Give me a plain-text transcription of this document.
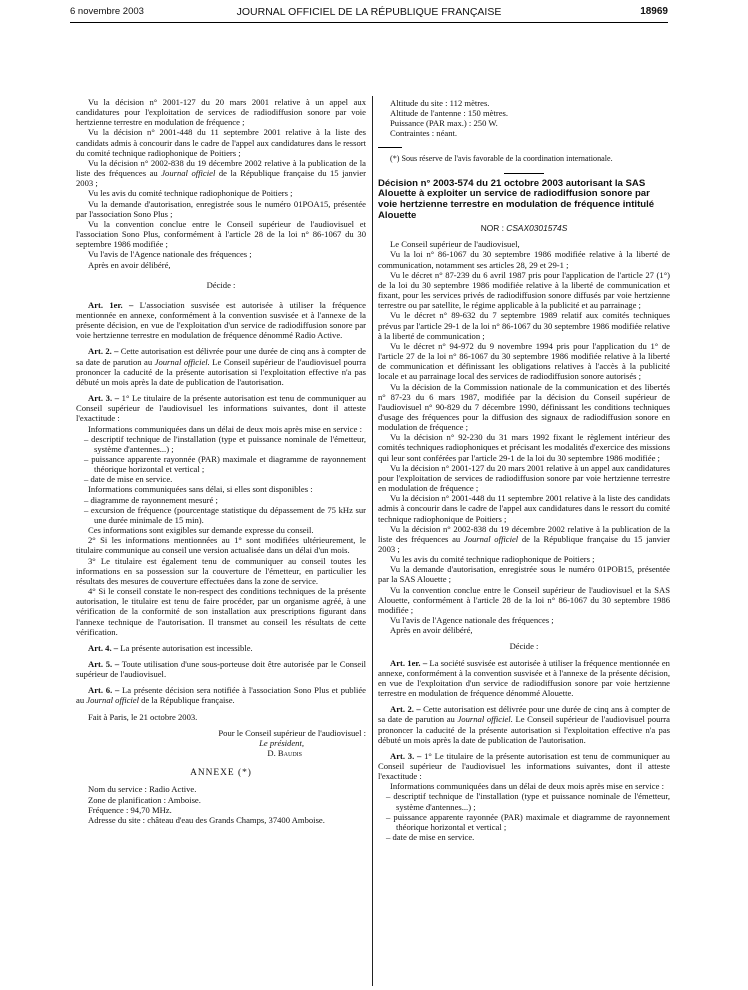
6 novembre 2003	JOURNAL OFFICIEL DE LA RÉPUBLIQUE FRANÇAISE	18969

Vu la décision n° 2001-127 du 20 mars 2001 relative à un appel aux candidatures pour l'exploitation de services de radiodiffusion sonore par voie hertzienne terrestre en modulation de fréquence ;

Vu la décision n° 2001-448 du 11 septembre 2001 relative à la liste des candidats admis à concourir dans le cadre de l'appel aux candidatures dans le ressort du comité technique radiophonique de Poitiers ;

Vu la décision n° 2002-838 du 19 décembre 2002 relative à la publication de la liste des fréquences au Journal officiel de la République française du 15 janvier 2003 ;

Vu les avis du comité technique radiophonique de Poitiers ;

Vu la demande d'autorisation, enregistrée sous le numéro 01POA15, présentée par l'association Sono Plus ;

Vu la convention conclue entre le Conseil supérieur de l'audiovisuel et l'association Sono Plus, conformément à l'article 28 de la loi n° 86-1067 du 30 septembre 1986 modifiée ;

Vu l'avis de l'Agence nationale des fréquences ;

Après en avoir délibéré,

Décide :

Art. 1er. – L'association susvisée est autorisée à utiliser la fréquence mentionnée en annexe, conformément à la convention susvisée et à l'annexe de la présente décision, en vue de l'exploitation d'un service de radiodiffusion sonore par voie hertzienne terrestre en modulation de fréquence dénommé Radio Active.

Art. 2. – Cette autorisation est délivrée pour une durée de cinq ans à compter de sa date de parution au Journal officiel. Le Conseil supérieur de l'audiovisuel pourra prononcer la caducité de la présente autorisation si l'exploitation effective n'a pas débuté un mois après la date de publication de l'autorisation.

Art. 3. – 1° Le titulaire de la présente autorisation est tenu de communiquer au Conseil supérieur de l'audiovisuel les informations suivantes, dont il atteste l'exactitude :

Informations communiquées dans un délai de deux mois après mise en service :

– descriptif technique de l'installation (type et puissance nominale de l'émetteur, système d'antennes...) ;

– puissance apparente rayonnée (PAR) maximale et diagramme de rayonnement théorique horizontal et vertical ;

– date de mise en service.

Informations communiquées sans délai, si elles sont disponibles :

– diagramme de rayonnement mesuré ;

– excursion de fréquence (pourcentage statistique du dépassement de 75 kHz sur une durée minimale de 15 min).

Ces informations sont exigibles sur demande expresse du conseil.

2° Si les informations mentionnées au 1° sont modifiées ultérieurement, le titulaire communique au conseil une version actualisée dans un délai d'un mois.

3° Le titulaire est également tenu de communiquer au conseil toutes les informations en sa possession sur la couverture de l'émetteur, en particulier les résultats des mesures de couverture effectuées dans la zone de service.

4° Si le conseil constate le non-respect des conditions techniques de la présente autorisation, le titulaire est tenu de faire procéder, par un organisme agréé, à une vérification de la conformité de son installation aux prescriptions figurant dans l'annexe technique de l'autorisation. Il transmet au conseil les résultats de cette vérification.

Art. 4. – La présente autorisation est incessible.

Art. 5. – Toute utilisation d'une sous-porteuse doit être autorisée par le Conseil supérieur de l'audiovisuel.

Art. 6. – La présente décision sera notifiée à l'association Sono Plus et publiée au Journal officiel de la République française.

Fait à Paris, le 21 octobre 2003.

Pour le Conseil supérieur de l'audiovisuel :

Le président,

D. Baudis

ANNEXE (*)

Nom du service : Radio Active.

Zone de planification : Amboise.

Fréquence : 94,70 MHz.

Adresse du site : château d'eau des Grands Champs, 37400 Amboise.

Altitude du site : 112 mètres.

Altitude de l'antenne : 150 mètres.

Puissance (PAR max.) : 250 W.

Contraintes : néant.

(*) Sous réserve de l'avis favorable de la coordination internationale.

Décision n° 2003-574 du 21 octobre 2003 autorisant la SAS Alouette à exploiter un service de radiodiffusion sonore par voie hertzienne terrestre en modulation de fréquence intitulé Alouette

NOR : CSAX0301574S

Le Conseil supérieur de l'audiovisuel,

Vu la loi n° 86-1067 du 30 septembre 1986 modifiée relative à la liberté de communication, notamment ses articles 28, 29 et 29-1 ;

Vu le décret n° 87-239 du 6 avril 1987 pris pour l'application de l'article 27 (1°) de la loi du 30 septembre 1986 modifiée relative à la liberté de communication et fixant, pour les services privés de radiodiffusion sonore diffusés par voie hertzienne terrestre ou par satellite, le régime applicable à la publicité et au parrainage ;

Vu le décret n° 89-632 du 7 septembre 1989 relatif aux comités techniques prévus par l'article 29-1 de la loi n° 86-1067 du 30 septembre 1986 modifiée relative à la liberté de communication ;

Vu le décret n° 94-972 du 9 novembre 1994 pris pour l'application du 1° de l'article 27 de la loi n° 86-1067 du 30 septembre 1986 modifiée relative à la liberté de communication et définissant les obligations relatives à l'accès à la publicité locale et au parrainage local des services de radiodiffusion sonore autorisés ;

Vu la décision de la Commission nationale de la communication et des libertés n° 87-23 du 6 mars 1987, modifiée par la décision du Conseil supérieur de l'audiovisuel n° 90-829 du 7 décembre 1990, définissant les conditions techniques d'usage des fréquences pour la diffusion des signaux de radiodiffusion sonore en modulation de fréquence ;

Vu la décision n° 92-230 du 31 mars 1992 fixant le règlement intérieur des comités techniques radiophoniques et précisant les modalités d'exercice des missions qui leur sont conférées par l'article 29-1 de la loi du 30 septembre 1986 modifiée ;

Vu la décision n° 2001-127 du 20 mars 2001 relative à un appel aux candidatures pour l'exploitation de services de radiodiffusion sonore par voie hertzienne terrestre en modulation de fréquence ;

Vu la décision n° 2001-448 du 11 septembre 2001 relative à la liste des candidats admis à concourir dans le cadre de l'appel aux candidatures dans le ressort du comité technique radiophonique de Poitiers ;

Vu la décision n° 2002-838 du 19 décembre 2002 relative à la publication de la liste des fréquences au Journal officiel de la République française du 15 janvier 2003 ;

Vu les avis du comité technique radiophonique de Poitiers ;

Vu la demande d'autorisation, enregistrée sous le numéro 01POB15, présentée par la SAS Alouette ;

Vu la convention conclue entre le Conseil supérieur de l'audiovisuel et la SAS Alouette, conformément à l'article 28 de la loi n° 86-1067 du 30 septembre 1986 modifiée ;

Vu l'avis de l'Agence nationale des fréquences ;

Après en avoir délibéré,

Décide :

Art. 1er. – La société susvisée est autorisée à utiliser la fréquence mentionnée en annexe, conformément à la convention susvisée et à l'annexe de la présente décision, en vue de l'exploitation d'un service de radiodiffusion sonore par voie hertzienne terrestre en modulation de fréquence dénommé Alouette.

Art. 2. – Cette autorisation est délivrée pour une durée de cinq ans à compter de sa date de parution au Journal officiel. Le Conseil supérieur de l'audiovisuel pourra prononcer la caducité de la présente autorisation si l'exploitation effective n'a pas débuté un mois après la date de publication de l'autorisation.

Art. 3. – 1° Le titulaire de la présente autorisation est tenu de communiquer au Conseil supérieur de l'audiovisuel les informations suivantes, dont il atteste l'exactitude :

Informations communiquées dans un délai de deux mois après mise en service :

– descriptif technique de l'installation (type et puissance nominale de l'émetteur, système d'antennes...) ;

– puissance apparente rayonnée (PAR) maximale et diagramme de rayonnement théorique horizontal et vertical ;

– date de mise en service.
